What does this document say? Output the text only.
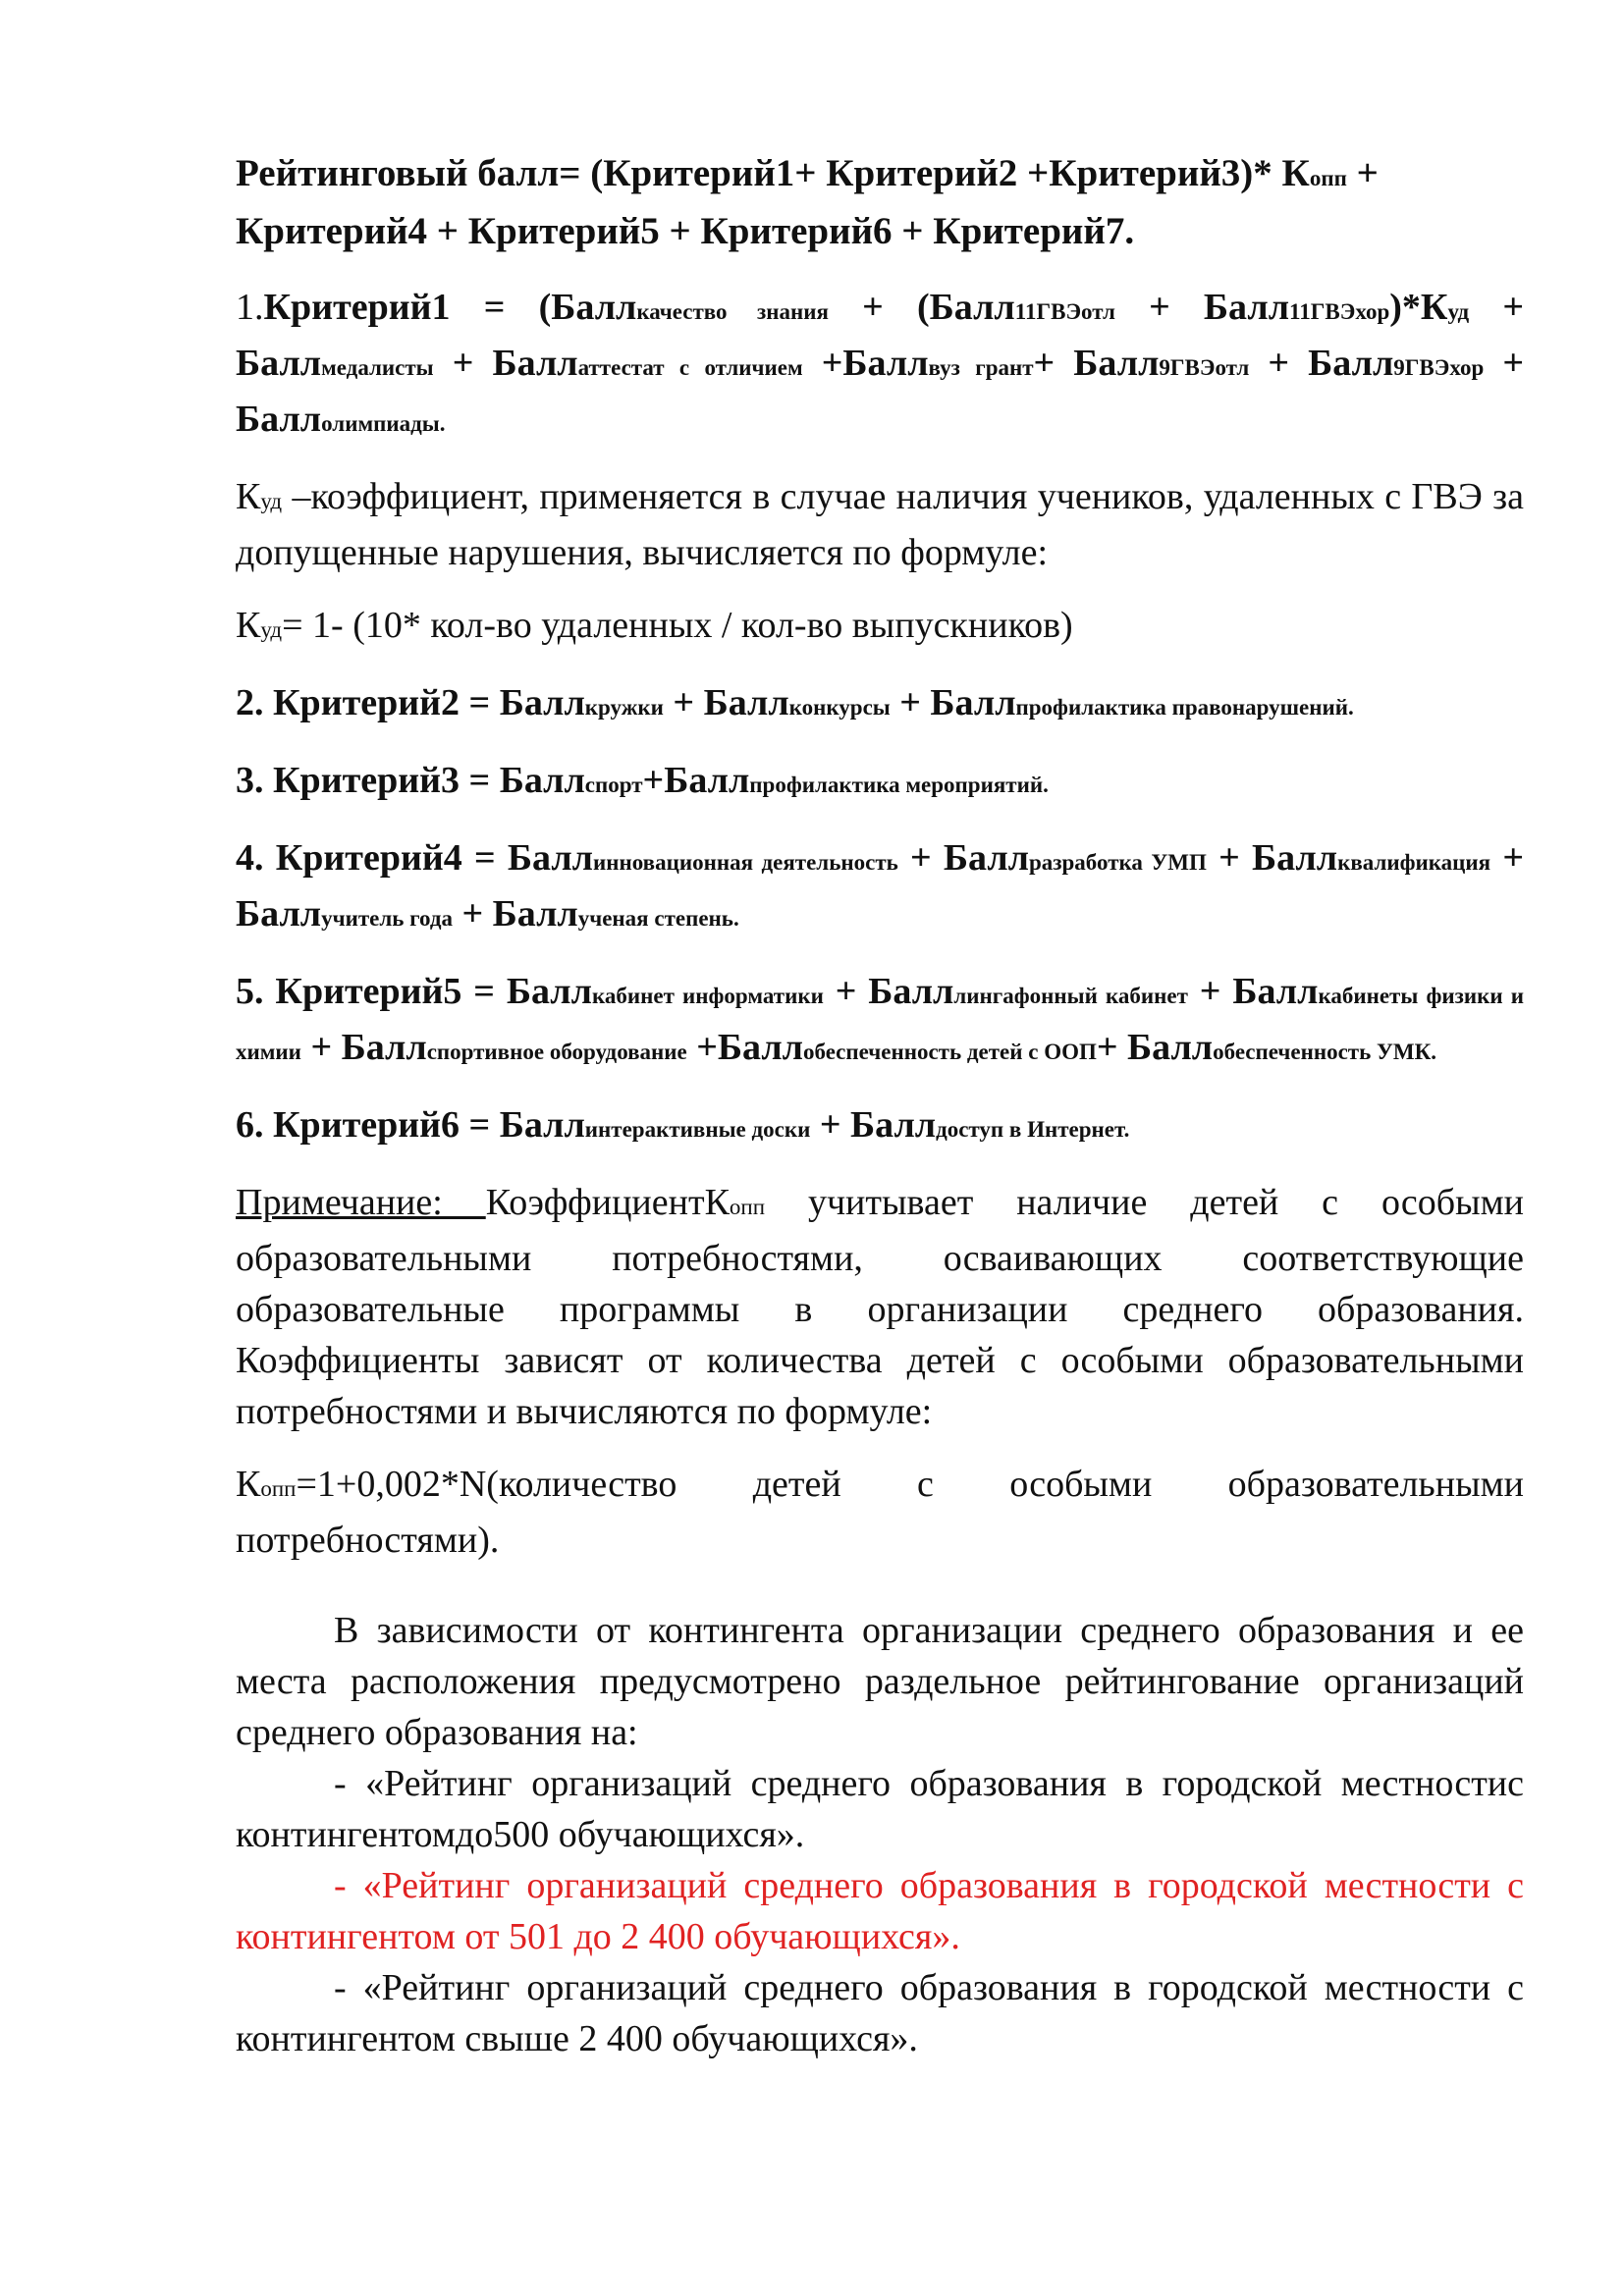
Рейтинговый балл= (Критерий1+ Критерий2 +Критерий3)* Копп +
Критерий4 + Критерий5 + Критерий6 + Критерий7.
1.Критерий1 = (Баллкачество знания + (Балл11ГВЭотл + Балл11ГВЭхор)*Куд + Баллмедалисты + Баллаттестат с отличием +Баллвуз грант+ Балл9ГВЭотл + Балл9ГВЭхор + Баллолимпиады.
Куд –коэффициент, применяется в случае наличия учеников, удаленных с ГВЭ за допущенные нарушения, вычисляется по формуле:
Куд= 1- (10* кол-во удаленных / кол-во выпускников)
2. Критерий2 = Баллкружки + Баллконкурсы + Баллпрофилактика правонарушений.
3. Критерий3 = Баллспорт+Баллпрофилактика мероприятий.
4. Критерий4 = Баллинновационная деятельность + Баллразработка УМП + Баллквалификация + Баллучитель года + Баллученая степень.
5. Критерий5 = Баллкабинет информатики + Балллингафонный кабинет + Баллкабинеты физики и химии + Баллспортивное оборудование +Баллобеспеченность детей с ООП+ Баллобеспеченность УМК.
6. Критерий6 = Баллинтерактивные доски + Баллдоступ в Интернет.
Примечание: КоэффициентКопп учитывает наличие детей с особыми образовательными потребностями, осваивающих соответствующие образовательные программы в организации среднего образования. Коэффициенты зависят от количества детей с особыми образовательными потребностями и вычисляются по формуле:
Копп=1+0,002*N(количество детей с особыми образовательными потребностями).
В зависимости от контингента организации среднего образования и ее места расположения предусмотрено раздельное рейтингование организаций среднего образования на:
- «Рейтинг организаций среднего образования в городской местностис контингентомдо500 обучающихся».
- «Рейтинг организаций среднего образования в городской местности с контингентом от 501 до 2 400 обучающихся».
- «Рейтинг организаций среднего образования в городской местности с контингентом свыше 2 400 обучающихся».
